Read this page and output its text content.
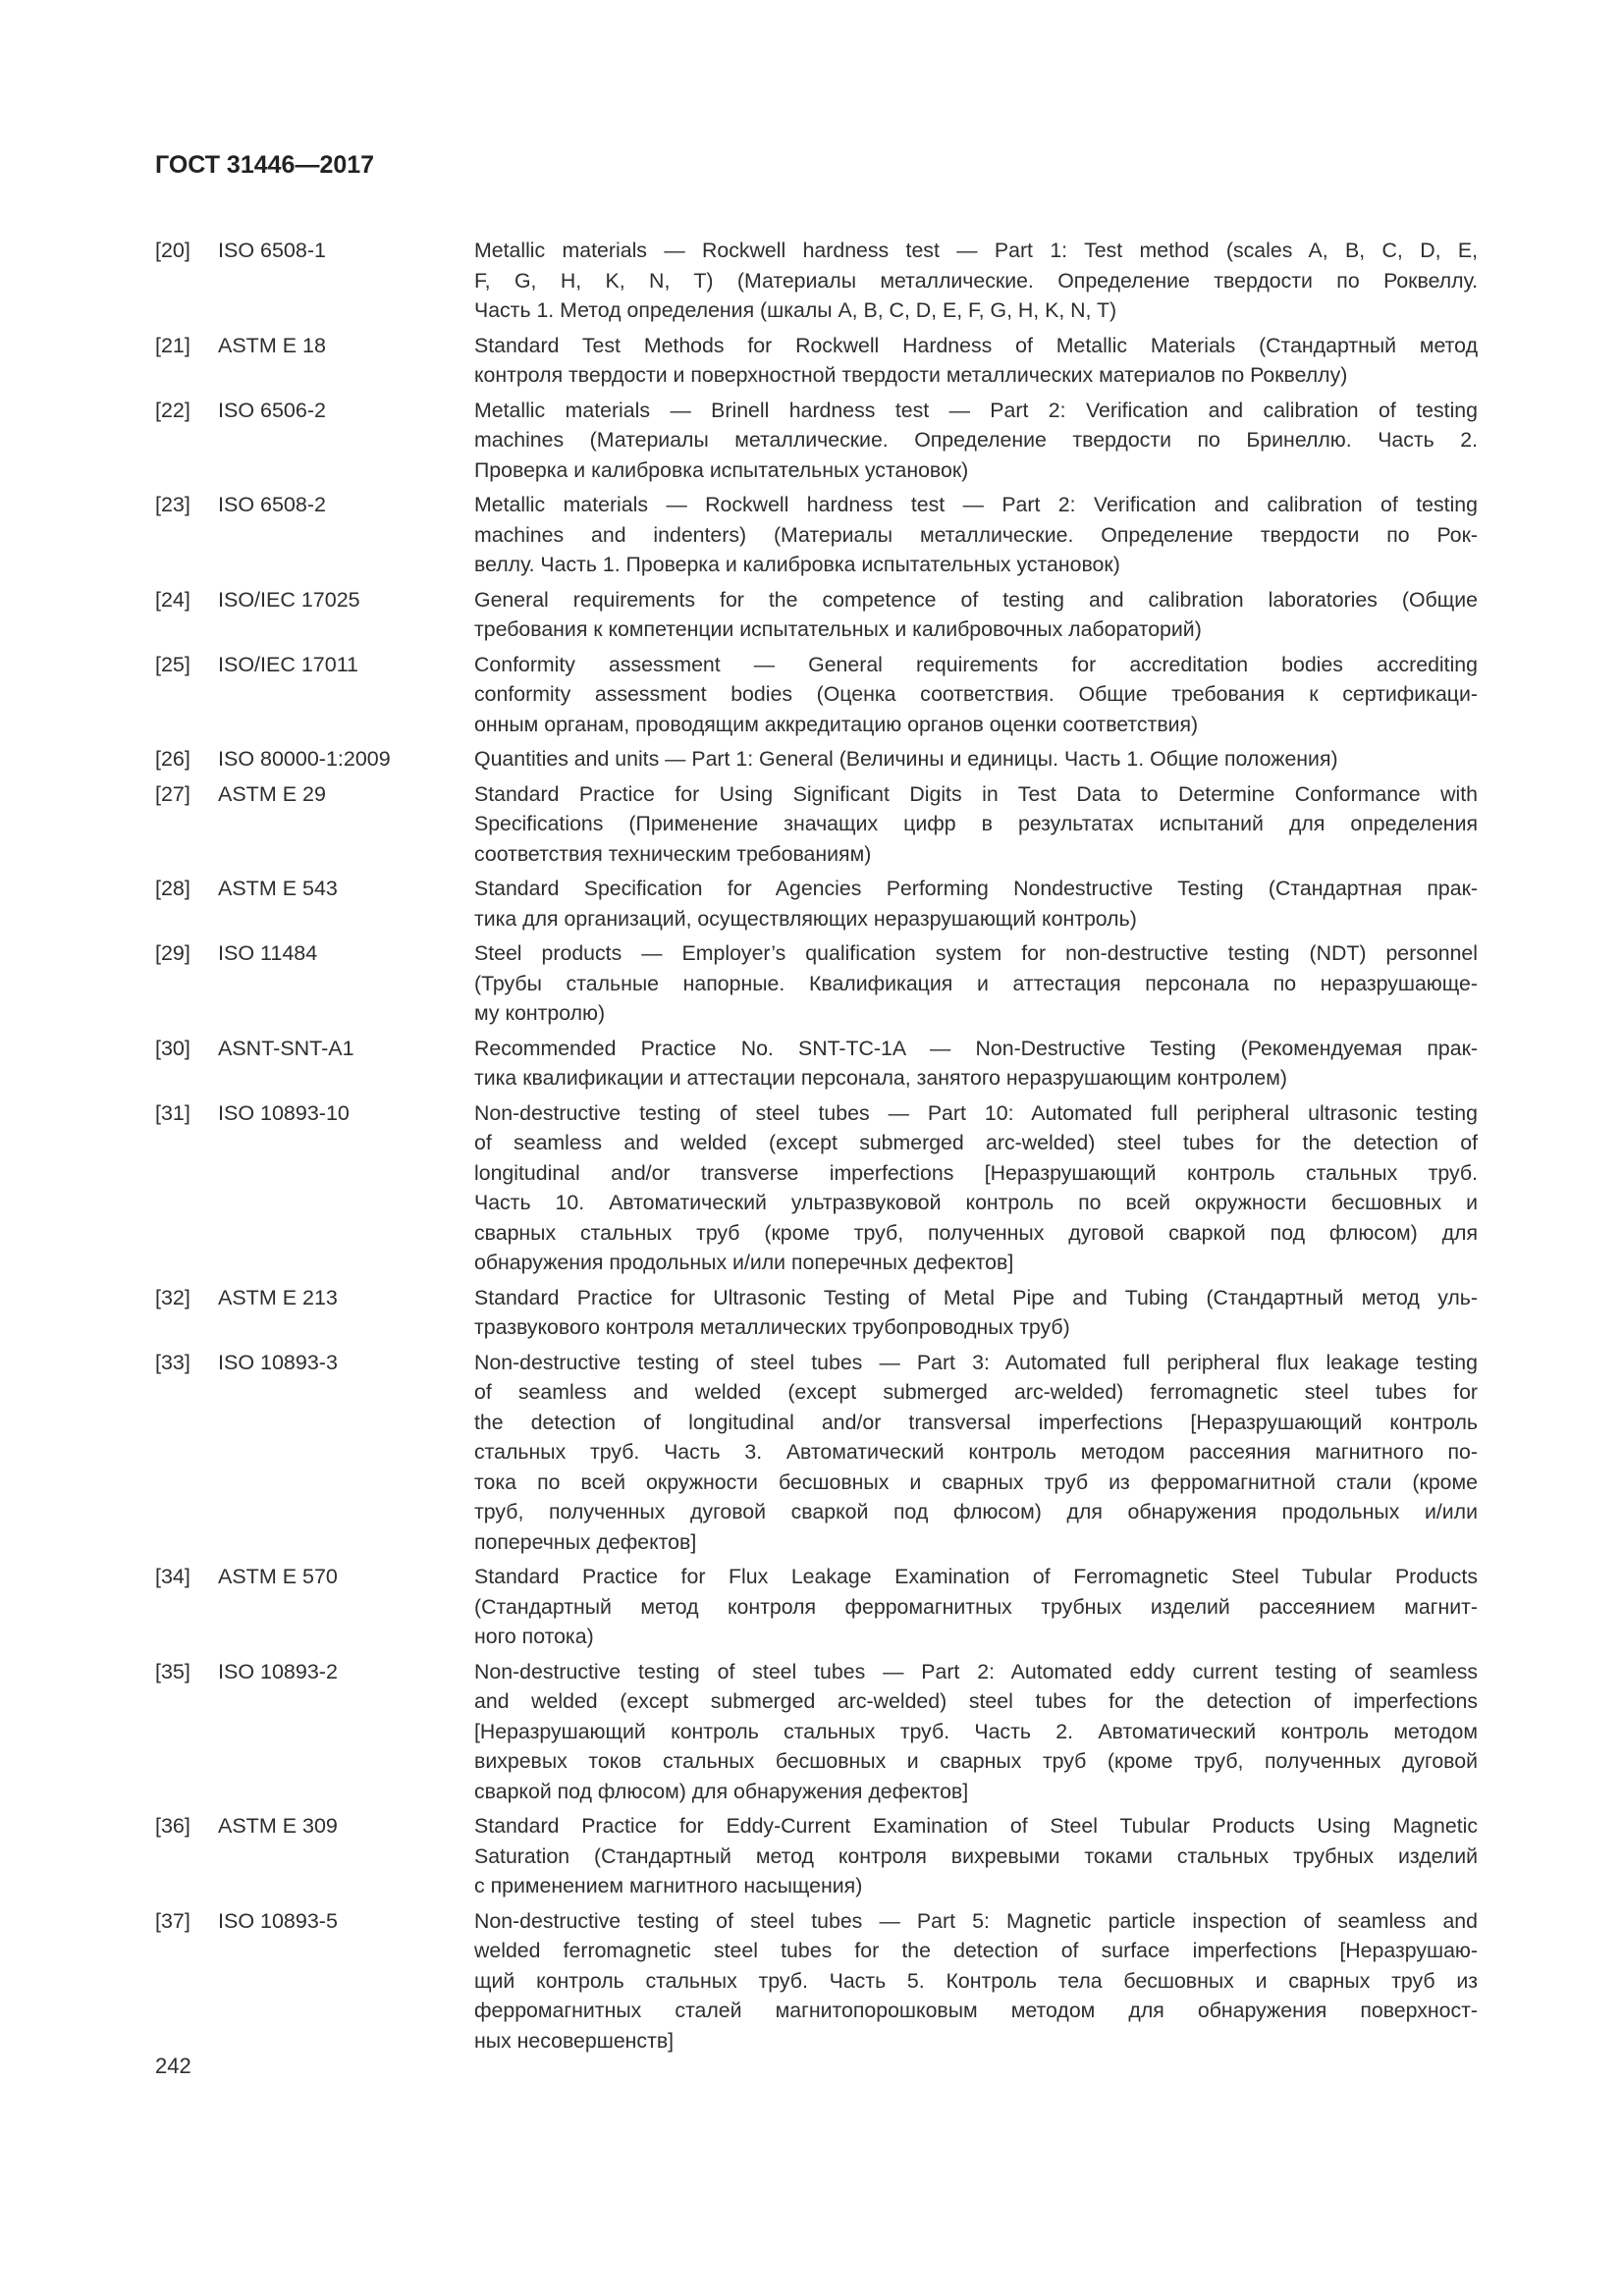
ГОСТ 31446—2017
[20]	ISO 6508-1	Metallic materials — Rockwell hardness test — Part 1: Test method (scales A, B, C, D, E,
F, G, H, K, N, T) (Материалы металлические. Определение твердости по Роквеллу.
Часть 1. Метод определения (шкалы A, B, C, D, E, F, G, H, K, N, T)
[21]	ASTM E 18	Standard Test Methods for Rockwell Hardness of Metallic Materials (Стандартный метод
контроля твердости и поверхностной твердости металлических материалов по Роквеллу)
[22]	ISO 6506-2	Metallic materials — Brinell hardness test — Part 2: Verification and calibration of testing
machines (Материалы металлические. Определение твердости по Бринеллю. Часть 2.
Проверка и калибровка испытательных установок)
[23]	ISO 6508-2	Metallic materials — Rockwell hardness test — Part 2: Verification and calibration of testing
machines and indenters) (Материалы металлические. Определение твердости по Рок-
веллу. Часть 1. Проверка и калибровка испытательных установок)
[24]	ISO/IEC 17025	General requirements for the competence of testing and calibration laboratories (Общие
требования к компетенции испытательных и калибровочных лабораторий)
[25]	ISO/IEC 17011	Conformity assessment — General requirements for accreditation bodies accrediting
conformity assessment bodies (Оценка соответствия. Общие требования к сертификаци-
онным органам, проводящим аккредитацию органов оценки соответствия)
[26]	ISO 80000-1:2009	Quantities and units — Part 1: General (Величины и единицы. Часть 1. Общие положения)
[27]	ASTM E 29	Standard Practice for Using Significant Digits in Test Data to Determine Conformance with
Specifications (Применение значащих цифр в результатах испытаний для определения
соответствия техническим требованиям)
[28]	ASTM E 543	Standard Specification for Agencies Performing Nondestructive Testing (Стандартная прак-
тика для организаций, осуществляющих неразрушающий контроль)
[29]	ISO 11484	Steel products — Employer’s qualification system for non-destructive testing (NDT) personnel
(Трубы стальные напорные. Квалификация и аттестация персонала по неразрушающе-
му контролю)
[30]	ASNT-SNT-A1	Recommended Practice No. SNT-TC-1A — Non-Destructive Testing (Рекомендуемая прак-
тика квалификации и аттестации персонала, занятого неразрушающим контролем)
[31]	ISO 10893-10	Non-destructive testing of steel tubes — Part 10: Automated full peripheral ultrasonic testing
of seamless and welded (except submerged arc-welded) steel tubes for the detection of
longitudinal and/or transverse imperfections [Неразрушающий контроль стальных труб.
Часть 10. Автоматический ультразвуковой контроль по всей окружности бесшовных и
сварных стальных труб (кроме труб, полученных дуговой сваркой под флюсом) для
обнаружения продольных и/или поперечных дефектов]
[32]	ASTM E 213	Standard Practice for Ultrasonic Testing of Metal Pipe and Tubing (Стандартный метод уль-
тразвукового контроля металлических трубопроводных труб)
[33]	ISO 10893-3	Non-destructive testing of steel tubes — Part 3: Automated full peripheral flux leakage testing
of seamless and welded (except submerged arc-welded) ferromagnetic steel tubes for
the detection of longitudinal and/or transversal imperfections [Неразрушающий контроль
стальных труб. Часть 3. Автоматический контроль методом рассеяния магнитного по-
тока по всей окружности бесшовных и сварных труб из ферромагнитной стали (кроме
труб, полученных дуговой сваркой под флюсом) для обнаружения продольных и/или
поперечных дефектов]
[34]	ASTM E 570	Standard Practice for Flux Leakage Examination of Ferromagnetic Steel Tubular Products
(Стандартный метод контроля ферромагнитных трубных изделий рассеянием магнит-
ного потока)
[35]	ISO 10893-2	Non-destructive testing of steel tubes — Part 2: Automated eddy current testing of seamless
and welded (except submerged arc-welded) steel tubes for the detection of imperfections
[Неразрушающий контроль стальных труб. Часть 2. Автоматический контроль методом
вихревых токов стальных бесшовных и сварных труб (кроме труб, полученных дуговой
сваркой под флюсом) для обнаружения дефектов]
[36]	ASTM E 309	Standard Practice for Eddy-Current Examination of Steel Tubular Products Using Magnetic
Saturation (Стандартный метод контроля вихревыми токами стальных трубных изделий
с применением магнитного насыщения)
[37]	ISO 10893-5	Non-destructive testing of steel tubes — Part 5: Magnetic particle inspection of seamless and
welded ferromagnetic steel tubes for the detection of surface imperfections [Неразрушаю-
щий контроль стальных труб. Часть 5. Контроль тела бесшовных и сварных труб из
ферромагнитных сталей магнитопорошковым методом для обнаружения поверхност-
ных несовершенств]
242
